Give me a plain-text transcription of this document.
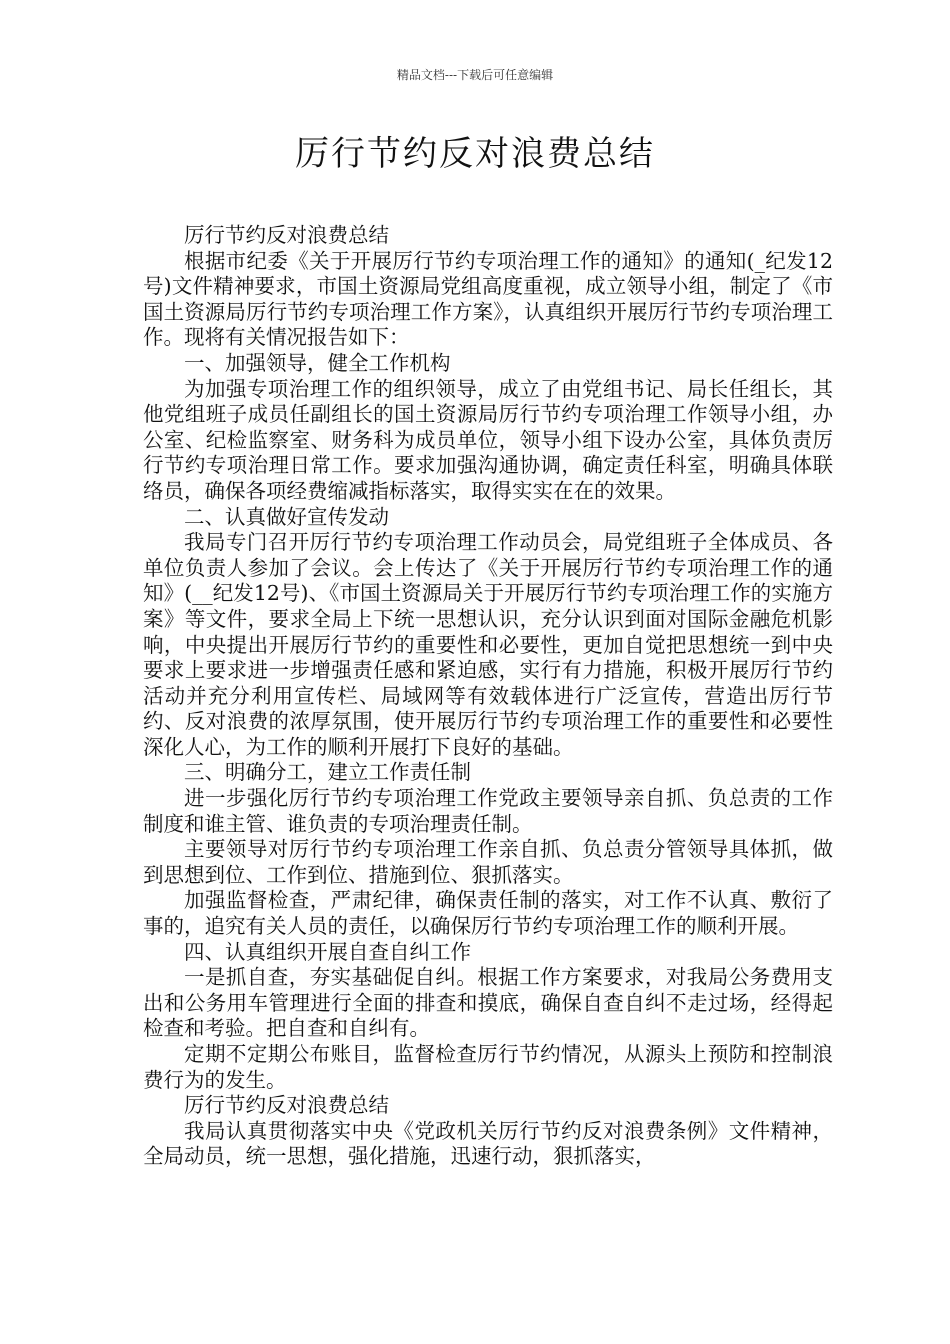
精品文档---下载后可任意编辑
厉行节约反对浪费总结

厉行节约反对浪费总结

根据市纪委《关于开展厉行节约专项治理工作的通知》的通知(_纪发12号)文件精神要求，市国土资源局党组高度重视，成立领导小组，制定了《市国土资源局厉行节约专项治理工作方案》，认真组织开展厉行节约专项治理工作。现将有关情况报告如下：

一、加强领导，健全工作机构

为加强专项治理工作的组织领导，成立了由党组书记、局长任组长，其他党组班子成员任副组长的国土资源局厉行节约专项治理工作领导小组，办公室、纪检监察室、财务科为成员单位，领导小组下设办公室，具体负责厉行节约专项治理日常工作。要求加强沟通协调，确定责任科室，明确具体联络员，确保各项经费缩减指标落实，取得实实在在的效果。

二、认真做好宣传发动

我局专门召开厉行节约专项治理工作动员会，局党组班子全体成员、各单位负责人参加了会议。会上传达了《关于开展厉行节约专项治理工作的通知》(__纪发12号)、《市国土资源局关于开展厉行节约专项治理工作的实施方案》等文件，要求全局上下统一思想认识，充分认识到面对国际金融危机影响，中央提出开展厉行节约的重要性和必要性，更加自觉把思想统一到中央要求上要求进一步增强责任感和紧迫感，实行有力措施，积极开展厉行节约活动并充分利用宣传栏、局域网等有效载体进行广泛宣传，营造出厉行节约、反对浪费的浓厚氛围，使开展厉行节约专项治理工作的重要性和必要性深化人心，为工作的顺利开展打下良好的基础。

三、明确分工，建立工作责任制

进一步强化厉行节约专项治理工作党政主要领导亲自抓、负总责的工作制度和谁主管、谁负责的专项治理责任制。

主要领导对厉行节约专项治理工作亲自抓、负总责分管领导具体抓，做到思想到位、工作到位、措施到位、狠抓落实。

加强监督检查，严肃纪律，确保责任制的落实，对工作不认真、敷衍了事的，追究有关人员的责任，以确保厉行节约专项治理工作的顺利开展。

四、认真组织开展自查自纠工作

一是抓自查，夯实基础促自纠。根据工作方案要求，对我局公务费用支出和公务用车管理进行全面的排查和摸底，确保自查自纠不走过场，经得起检查和考验。把自查和自纠有。

定期不定期公布账目，监督检查厉行节约情况，从源头上预防和控制浪费行为的发生。

厉行节约反对浪费总结

我局认真贯彻落实中央《党政机关厉行节约反对浪费条例》文件精神，全局动员，统一思想，强化措施，迅速行动，狠抓落实，
